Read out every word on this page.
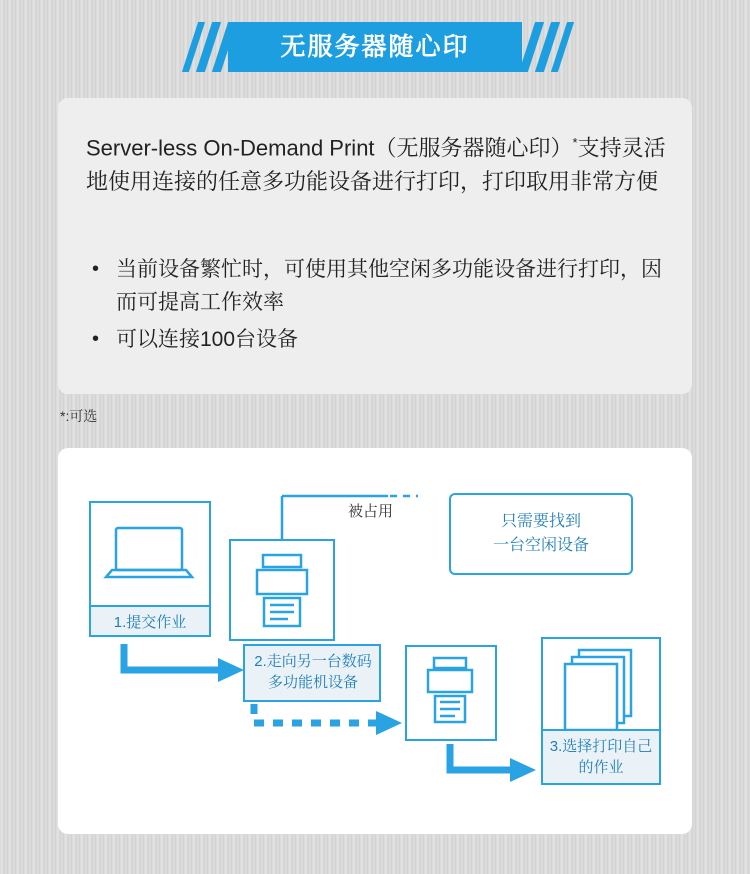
无服务器随心印
Server-less On-Demand Print（无服务器随心印）*支持灵活地使用连接的任意多功能设备进行打印，打印取用非常方便
• 当前设备繁忙时，可使用其他空闲多功能设备进行打印，因而可提高工作效率
• 可以连接100台设备
*:可选
1.提交作业
被占用
只需要找到
一台空闲设备
2.走向另一台数码多功能机设备
3.选择打印自己的作业
